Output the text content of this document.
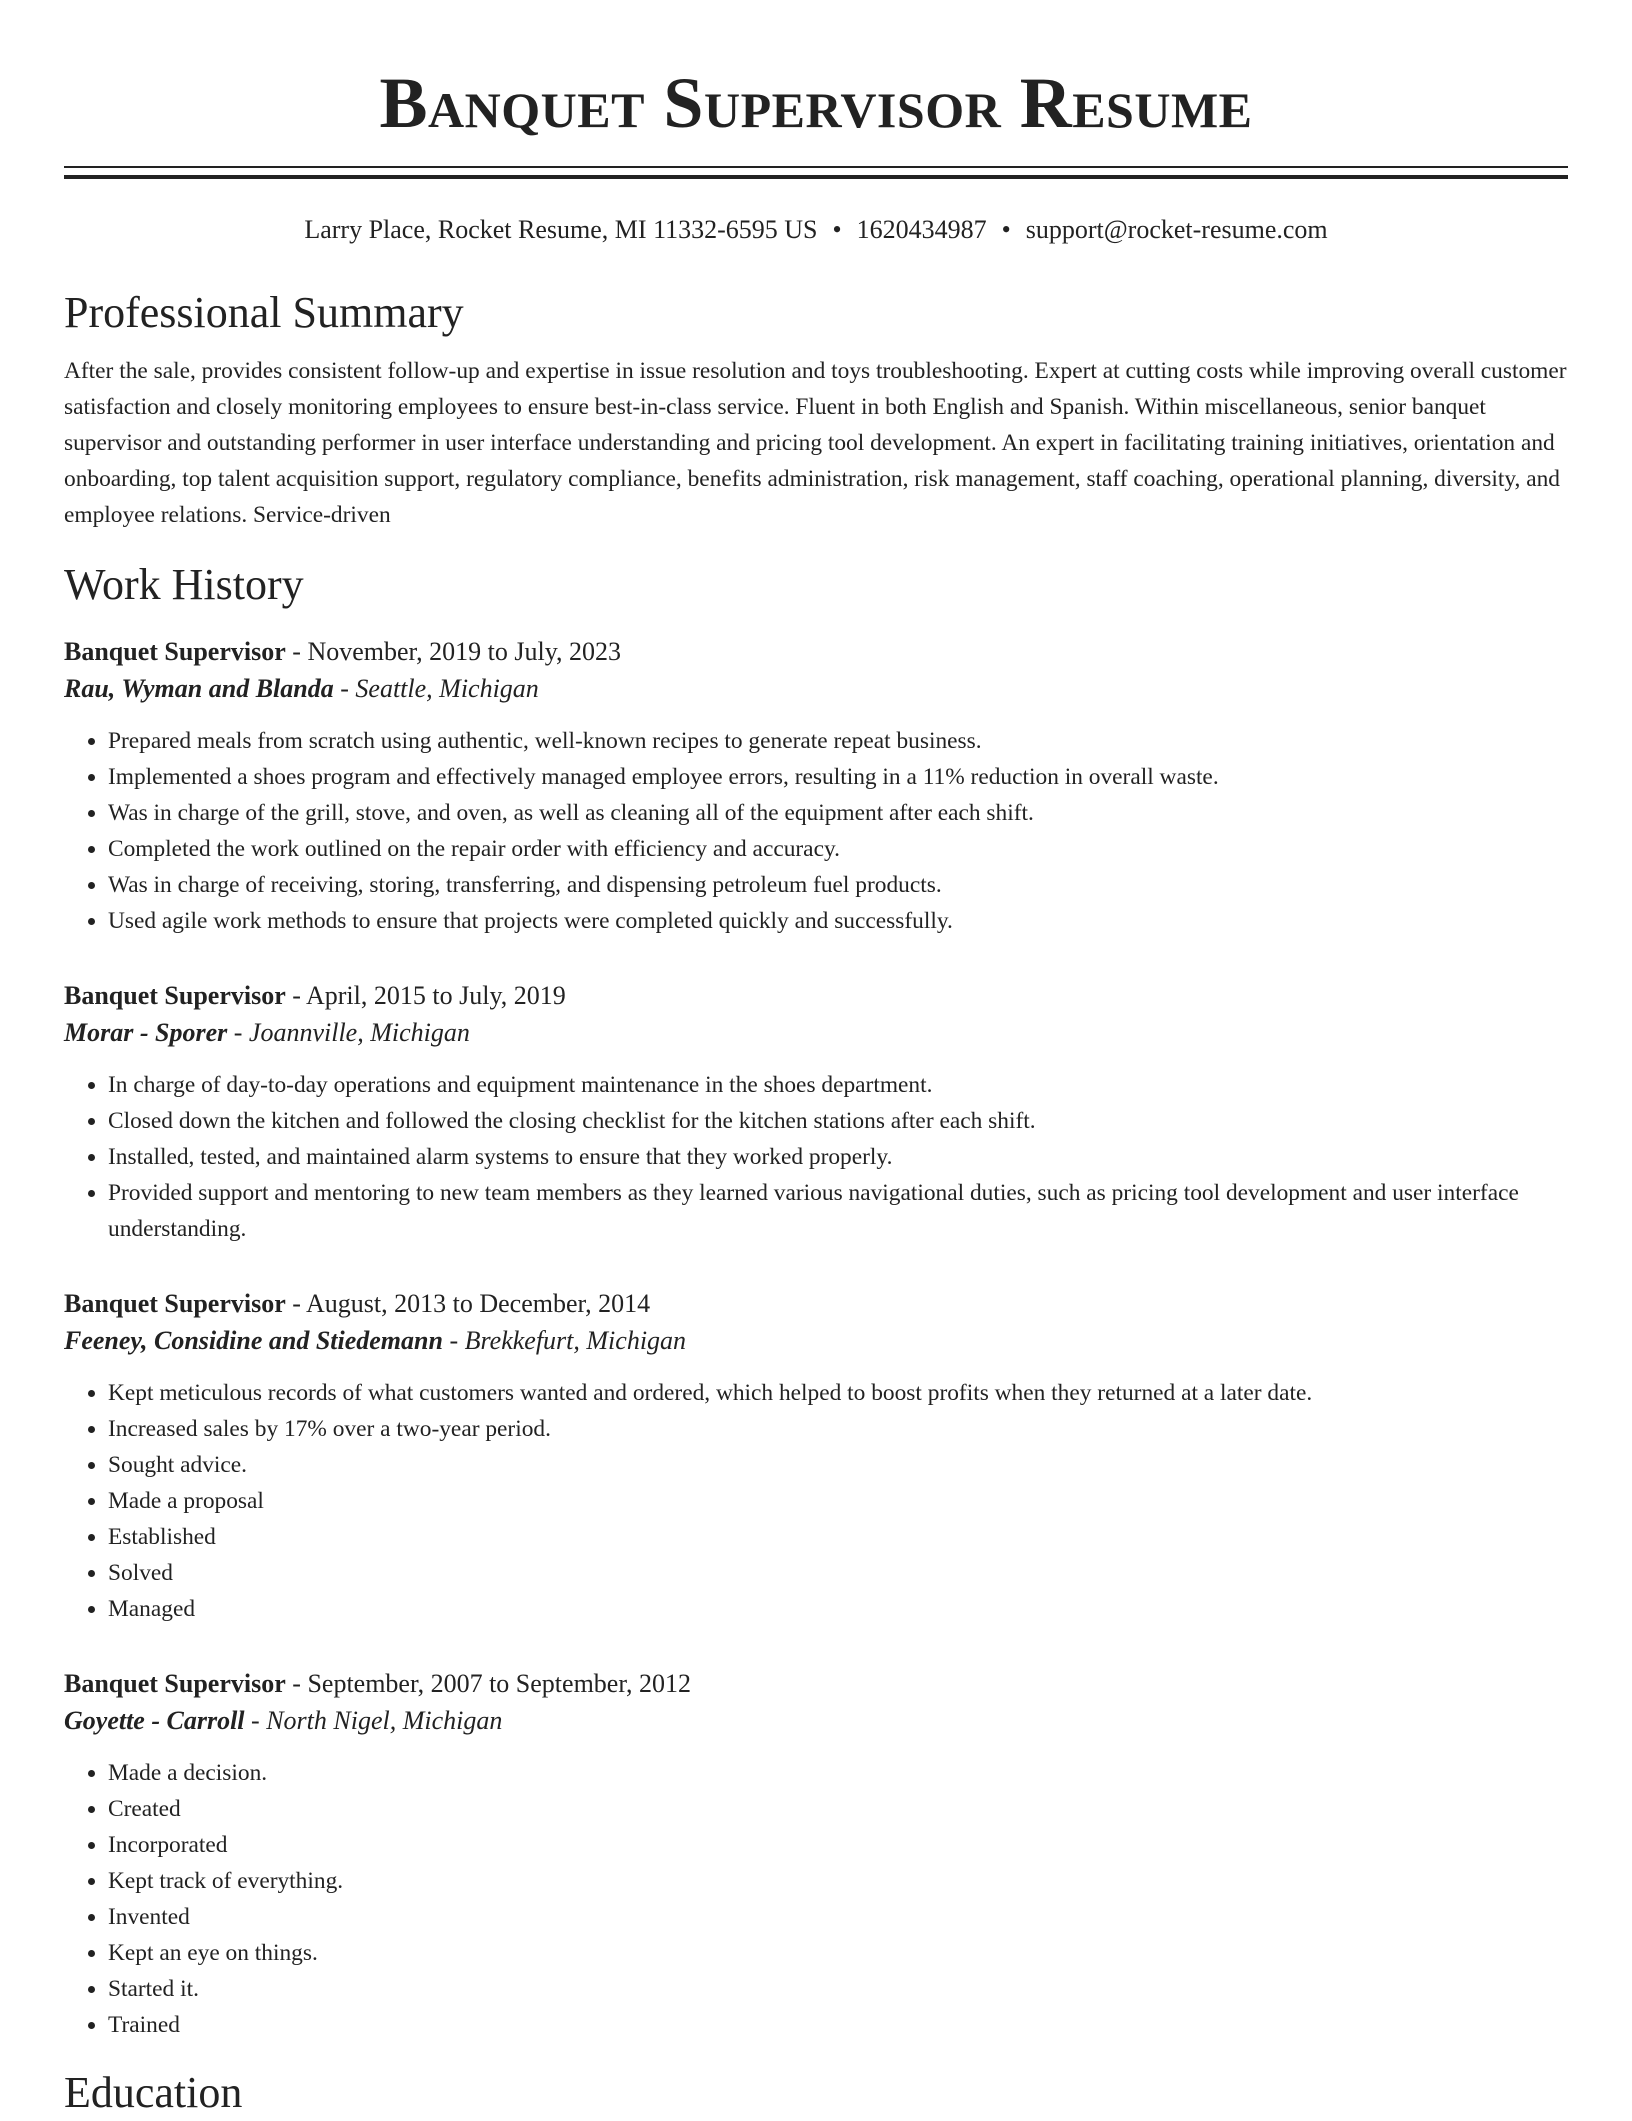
Banquet Supervisor Resume
Larry Place, Rocket Resume, MI 11332-6595 US • 1620434987 • support@rocket-resume.com
Professional Summary

After the sale, provides consistent follow-up and expertise in issue resolution and toys troubleshooting. Expert at cutting costs while improving overall customer satisfaction and closely monitoring employees to ensure best-in-class service. Fluent in both English and Spanish. Within miscellaneous, senior banquet supervisor and outstanding performer in user interface understanding and pricing tool development. An expert in facilitating training initiatives, orientation and onboarding, top talent acquisition support, regulatory compliance, benefits administration, risk management, staff coaching, operational planning, diversity, and employee relations. Service-driven

Work History
Banquet Supervisor - November, 2019 to July, 2023
Rau, Wyman and Blanda - Seattle, Michigan
• Prepared meals from scratch using authentic, well-known recipes to generate repeat business.
• Implemented a shoes program and effectively managed employee errors, resulting in a 11% reduction in overall waste.
• Was in charge of the grill, stove, and oven, as well as cleaning all of the equipment after each shift.
• Completed the work outlined on the repair order with efficiency and accuracy.
• Was in charge of receiving, storing, transferring, and dispensing petroleum fuel products.
• Used agile work methods to ensure that projects were completed quickly and successfully.
Banquet Supervisor - April, 2015 to July, 2019
Morar - Sporer - Joannville, Michigan
• In charge of day-to-day operations and equipment maintenance in the shoes department.
• Closed down the kitchen and followed the closing checklist for the kitchen stations after each shift.
• Installed, tested, and maintained alarm systems to ensure that they worked properly.
• Provided support and mentoring to new team members as they learned various navigational duties, such as pricing tool development and user interface understanding.
Banquet Supervisor - August, 2013 to December, 2014
Feeney, Considine and Stiedemann - Brekkefurt, Michigan
• Kept meticulous records of what customers wanted and ordered, which helped to boost profits when they returned at a later date.
• Increased sales by 17% over a two-year period.
• Sought advice.
• Made a proposal
• Established
• Solved
• Managed
Banquet Supervisor - September, 2007 to September, 2012
Goyette - Carroll - North Nigel, Michigan
• Made a decision.
• Created
• Incorporated
• Kept track of everything.
• Invented
• Kept an eye on things.
• Started it.
• Trained
Education
